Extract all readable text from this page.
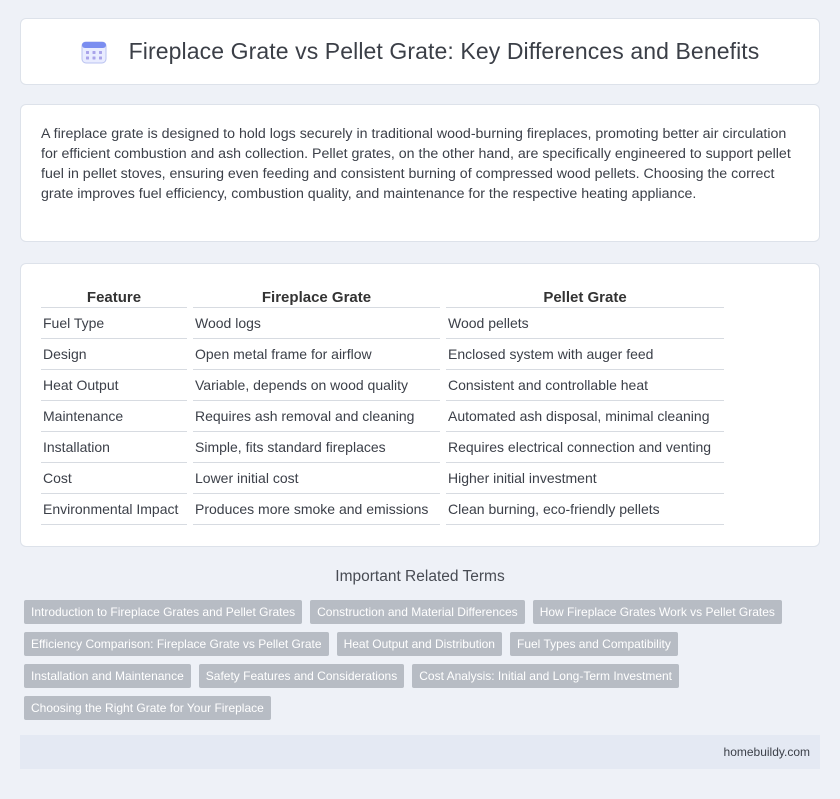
Fireplace Grate vs Pellet Grate: Key Differences and Benefits

A fireplace grate is designed to hold logs securely in traditional wood-burning fireplaces, promoting better air circulation for efficient combustion and ash collection. Pellet grates, on the other hand, are specifically engineered to support pellet fuel in pellet stoves, ensuring even feeding and consistent burning of compressed wood pellets. Choosing the correct grate improves fuel efficiency, combustion quality, and maintenance for the respective heating appliance.

Feature	Fireplace Grate	Pellet Grate
Fuel Type	Wood logs	Wood pellets
Design	Open metal frame for airflow	Enclosed system with auger feed
Heat Output	Variable, depends on wood quality	Consistent and controllable heat
Maintenance	Requires ash removal and cleaning	Automated ash disposal, minimal cleaning
Installation	Simple, fits standard fireplaces	Requires electrical connection and venting
Cost	Lower initial cost	Higher initial investment
Environmental Impact	Produces more smoke and emissions	Clean burning, eco-friendly pellets
Important Related Terms
Introduction to Fireplace Grates and Pellet Grates	Construction and Material Differences	How Fireplace Grates Work vs Pellet Grates
Efficiency Comparison: Fireplace Grate vs Pellet Grate	Heat Output and Distribution	Fuel Types and Compatibility
Installation and Maintenance	Safety Features and Considerations	Cost Analysis: Initial and Long-Term Investment
Choosing the Right Grate for Your Fireplace
homebuildy.com
